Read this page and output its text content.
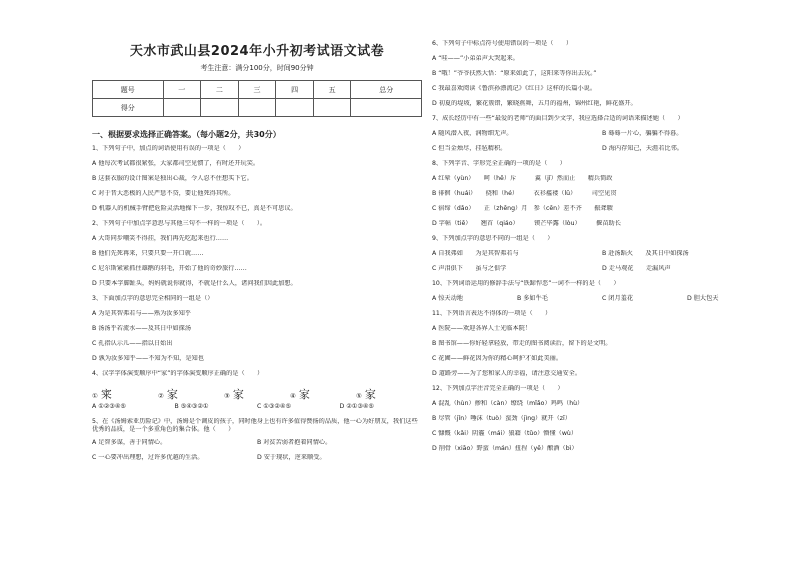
天水市武山县2024年小升初考试语文试卷
考生注意：满分100分，时间90分钟
题号	一	二	三	四	五	总分
得分						
一、根据要求选择正确答案。（每小题2分，共30分）
1、下列句子中，加点的词语使用有误的一项是（　　）
A 他每次考试都很紧张，大家都司空见惯了，有时还开玩笑。
B 这套衣服的设计图案是独出心裁，令人忍不住想买下它。
C 对于昔大恶极的人民严惩不贷，要让他死得其所。
D 机器人的机械手臂把危险灵活地操下一步，我惊叹不已，真是不可思议。
2、下列句子中加点字意思与其他三句不一样的一项是（　　）。
A 大哥同步嘲笑不得挂，我们再先吃起来也行……
B 他们先死再来，只要只要一开口就……
C 尼尔斯紧紧抓住雄鹅的羽毛，开始了他的奇妙旅行……
D 只要本字脚趾头，妈妈就说你就得，不就是什么人，诸问我们因此加想。
3、下面加点字的意思完全相同的一组是（）
A 为是其智弗若与——熟为汝多知乎
B 汤汤乎若流水——及其日中如探汤
C 孔指认示儿——指以日始出
D 孰为汝多知乎——不知为不知，是知也
4、汉字字体演变顺序中“家”的字体演变顺序正确的是（　　）
① 宷	② 家	③ 家	④ 家	⑤ 家
A ①②③④⑤	B ⑤④③②①	C ①③②④⑤	D ②①③④⑤
5、在《汤姆索亚历险记》中，汤姆是个调皮的孩子，同时他身上也有许多值得赞扬的品质，他一心为好朋友，我们这些优秀的品质，是一个多重角色的集合体。他（　　）
A 足智多谋，善于同情心。	B 对贫苦弱者抱着同情心。
C 一心要冲出理想，过许多优越的生活。	D 安于现状，逆来顺受。
6、下列句子中标点符号使用错误的一项是（　　）
A “哇——”小弟弟声大哭起来。
B “哦！”爷爷扶然大悟：“原来如此了，这阳来等你出去玩。”
C 我最喜欢阅读《鲁滨孙漂流记》《红日》这样的长篇小说。
D 初夏的堤坡，繁花簇错，繁晓燕舞，五月的福州，锦州红艳，鲜花盛开。
7、成长经历中有一些“最爱的老师”的面目到少文字，我应选择合适的词语来描述她（　　）
A 随风潜入夜，润物细无声。	B 蓦蓦一片心，骗骗不得暮。
C 但当金烛尽，挂毡精积。	D 海内存知己，天涯若比邻。
8、下列字音、字形完全正确的一项的是（　　）
A 红晕（yùn）　　呵（hē）斥　　　翼（jǐ）然而止　　精兵简政
B 徘徊（huái）　　挠和（hé）　　　衣衫褴褛（lǚ）　　　司空见贯
C 宿缔（dǎo）　　正（zhēng）月　参（cēn）差不齐　　振聋聩
D 字帖（tiē）　　翘首（qiáo）　　　锲芒毕露（lòu）　　　揠苗助长
9、下列加点字的意思不同的一组是（　　）
A 自我弗如　　为是其智弗若与	B 赴汤蹈火　　及其日中如探汤
C 声泪俱下　　虽与之俱学	D 走马观花　　走漏风声
10、下列词语运用的修辞手法与“铁蹄悍恶”一词不一样的是（　　）
A 惊天动地	B 多如牛毛	C 闭月羞花	D 胆大包天
11、下列语言表达不得体的一项是（　　）
A 医院——欢迎各界人士光临本院！
B 图书馆——你好轻拿轻放，带走的图书阅读后，留下的是文明。
C 花圃——鲜花因为你的精心呵护才如此美丽。
D 道路旁——为了您和家人的幸福，请注意交通安全。
12、下列加点字注音完全正确的一项是（　　）
A 混乱（hùn）掺和（càn）缭绕（mǐǎo）鸡鸣（hù）
B 尽管（jǐn）唾沫（tuò）蛮劲（jìng）就开（zī）
C 慷慨（kǎi）阴霾（mái）狼籍（tǔo）懵懂（wù）
D 削骨（xiāo）野蛮（mán）扭捏（yē）酿酒（bì）
